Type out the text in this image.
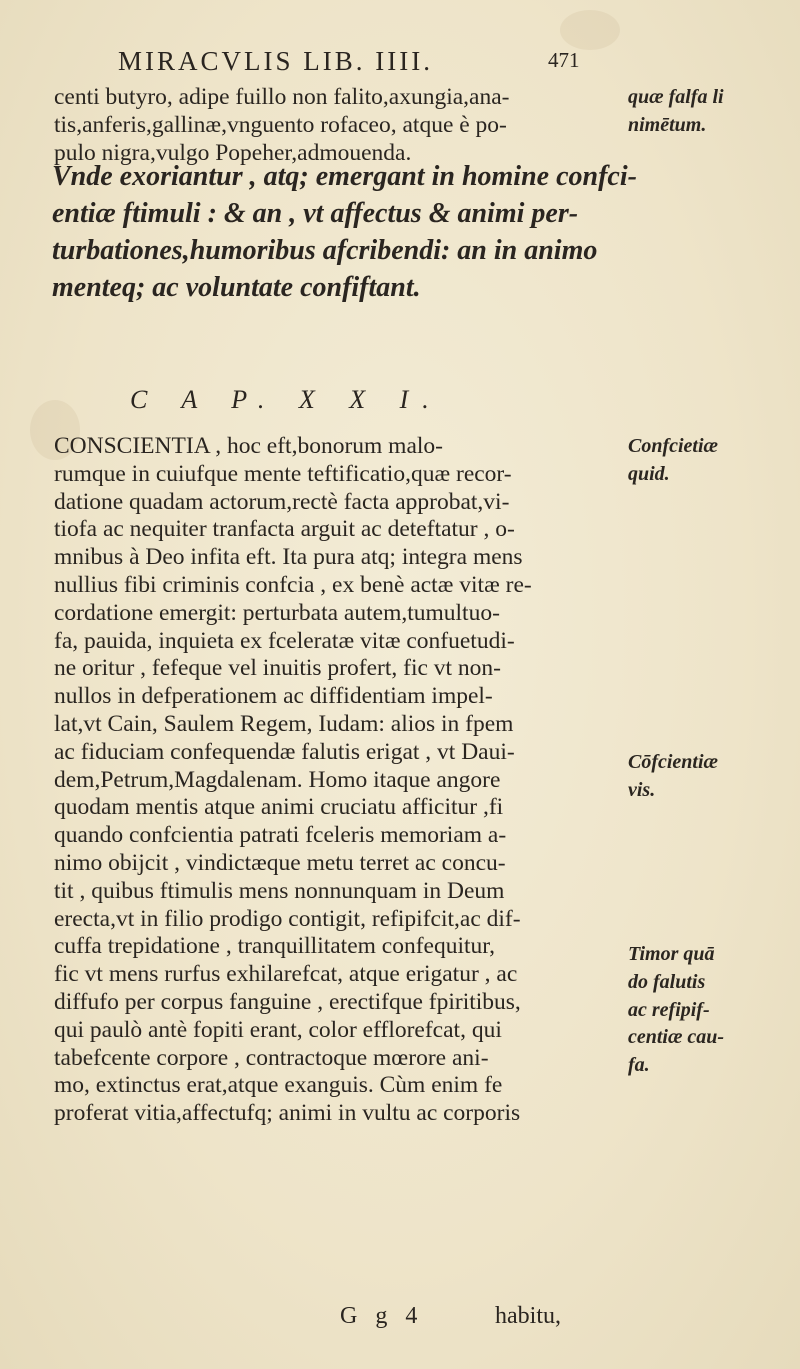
MIRACVLIS LIB. IIII.	471
centi butyro, adipe fuillo non falito,axungia,ana-
tis,anferis,gallinæ,vnguento rofaceo, atque è po-
pulo nigra,vulgo Popeher,admouenda.
Vnde exoriantur , atq; emergant in homine confci-
entiæ ftimuli : & an , vt affectus & animi per-
turbationes,humoribus afcribendi: an in animo
menteq; ac voluntate confiftant.
C A P. X X I.
CONSCIENTIA , hoc eft,bonorum malo-
rumque in cuiufque mente teftificatio,quæ recor-
datione quadam actorum,rectè facta approbat,vi-
tiofa ac nequiter tranfacta arguit ac deteftatur , o-
mnibus à Deo infita eft. Ita pura atq; integra mens
nullius fibi criminis confcia , ex benè actæ vitæ re-
cordatione emergit: perturbata autem,tumultuo-
fa, pauida, inquieta ex fceleratæ vitæ confuetudi-
ne oritur , fefeque vel inuitis profert, fic vt non-
nullos in defperationem ac diffidentiam impel-
lat,vt Cain, Saulem Regem, Iudam: alios in fpem
ac fiduciam confequendæ falutis erigat , vt Daui-
dem,Petrum,Magdalenam. Homo itaque angore
quodam mentis atque animi cruciatu afficitur ,fi
quando confcientia patrati fceleris memoriam a-
nimo obijcit , vindictæque metu terret ac concu-
tit , quibus ftimulis mens nonnunquam in Deum
erecta,vt in filio prodigo contigit, refipifcit,ac dif-
cuffa trepidatione , tranquillitatem confequitur,
fic vt mens rurfus exhilarefcat, atque erigatur , ac
diffufo per corpus fanguine , erectifque fpiritibus,
qui paulò antè fopiti erant, color efflorefcat, qui
tabefcente corpore , contractoque mœrore ani-
mo, extinctus erat,atque exanguis. Cùm enim fe
proferat vitia,affectufq; animi in vultu ac corporis
quæ falfa li
nimētum.
Confcietiæ
quid.
Cōfcientiæ
vis.
Timor quā
do falutis
ac refipif-
centiæ cau-
fa.
G g 4	habitu,
